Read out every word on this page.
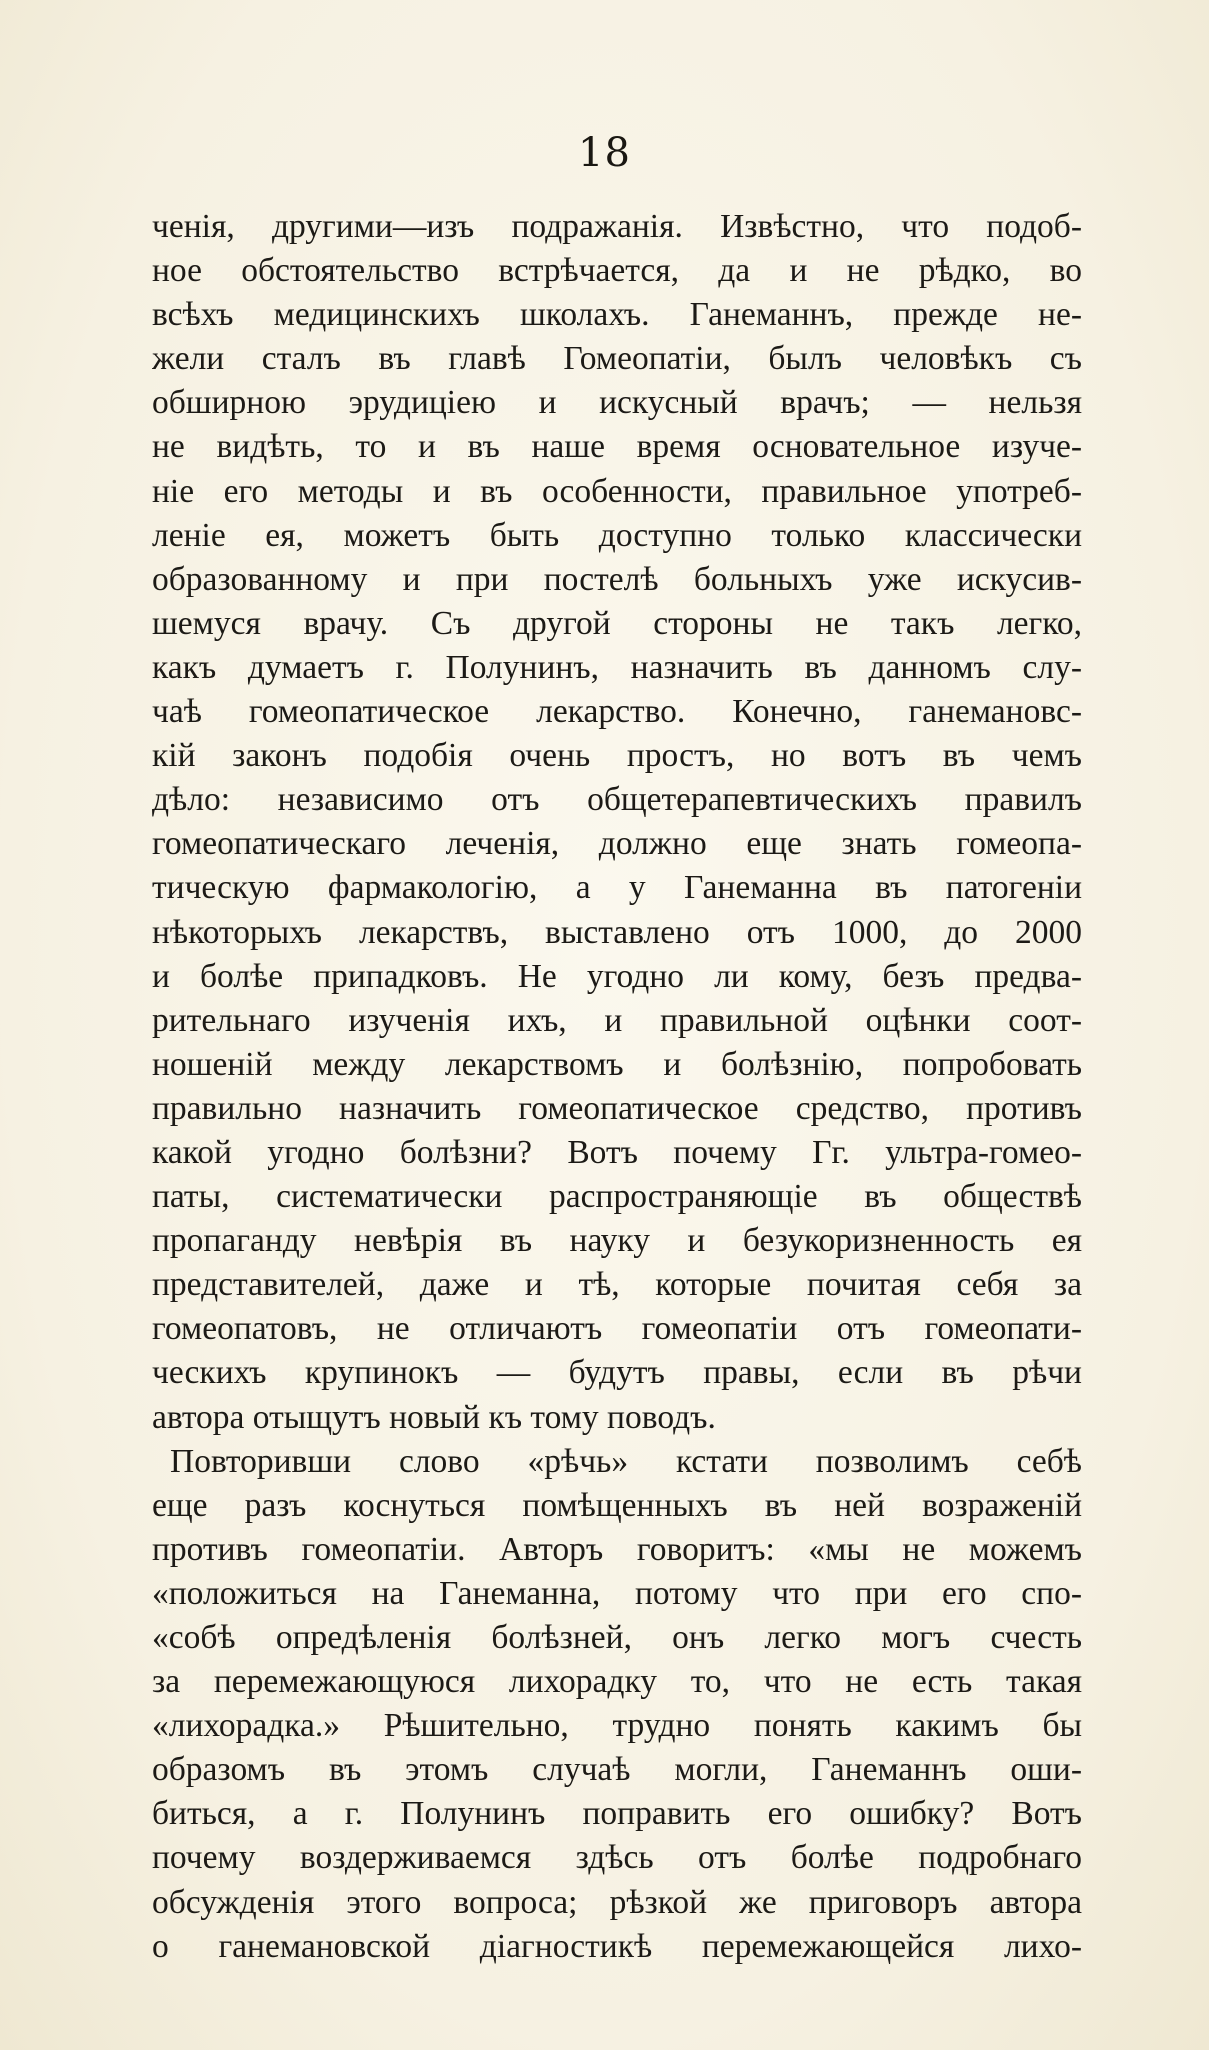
18
ченія, другими—изъ подражанія. Извѣстно, что подоб-
ное обстоятельство встрѣчается, да и не рѣдко, во
всѣхъ медицинскихъ школахъ. Ганеманнъ, прежде не-
жели сталъ въ главѣ Гомеопатіи, былъ человѣкъ съ
обширною эрудиціею и искусный врачъ; — нельзя
не видѣть, то и въ наше время основательное изуче-
ніе его методы и въ особенности, правильное употреб-
леніе ея, можетъ быть доступно только классически
образованному и при постелѣ больныхъ уже искусив-
шемуся врачу. Съ другой стороны не такъ легко,
какъ думаетъ г. Полунинъ, назначить въ данномъ слу-
чаѣ гомеопатическое лекарство. Конечно, ганемановс-
кій законъ подобія очень простъ, но вотъ въ чемъ
дѣло: независимо отъ общетерапевтическихъ правилъ
гомеопатическаго леченія, должно еще знать гомеопа-
тическую фармакологію, а у Ганеманна въ патогеніи
нѣкоторыхъ лекарствъ, выставлено отъ 1000, до 2000
и болѣе припадковъ. Не угодно ли кому, безъ предва-
рительнаго изученія ихъ, и правильной оцѣнки соот-
ношеній между лекарствомъ и болѣзнію, попробовать
правильно назначить гомеопатическое средство, противъ
какой угодно болѣзни? Вотъ почему Гг. ультра-гомео-
паты, систематически распространяющіе въ обществѣ
пропаганду невѣрія въ науку и безукоризненность ея
представителей, даже и тѣ, которые почитая себя за
гомеопатовъ, не отличаютъ гомеопатіи отъ гомеопати-
ческихъ крупинокъ — будутъ правы, если въ рѣчи
автора отыщутъ новый къ тому поводъ.
Повторивши слово «рѣчь» кстати позволимъ себѣ
еще разъ коснуться помѣщенныхъ въ ней возраженій
противъ гомеопатіи. Авторъ говоритъ: «мы не можемъ
«положиться на Ганеманна, потому что при его спо-
«собѣ опредѣленія болѣзней, онъ легко могъ счесть
за перемежающуюся лихорадку то, что не есть такая
«лихорадка.» Рѣшительно, трудно понять какимъ бы
образомъ въ этомъ случаѣ могли, Ганеманнъ оши-
биться, а г. Полунинъ поправить его ошибку? Вотъ
почему воздерживаемся здѣсь отъ болѣе подробнаго
обсужденія этого вопроса; рѣзкой же приговоръ автора
о ганемановской діагностикѣ перемежающейся лихо-
